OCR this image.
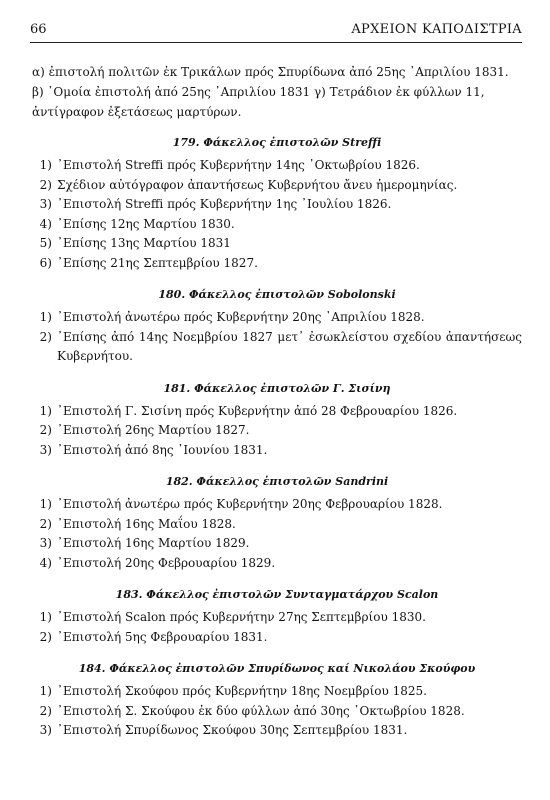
66	ΑΡΧΕΙΟΝ ΚΑΠΟΔΙΣΤΡΙΑ
α) ἐπιστολή πολιτῶν ἐκ Τρικάλων πρός Σπυρίδωνα ἀπό 25ης ᾿Απριλίου 1831.
β) ᾿Ομοία ἐπιστολή ἀπό 25ης ᾿Απριλίου 1831 γ) Τετράδιον ἐκ φύλλων 11,
ἀντίγραφον ἐξετάσεως μαρτύρων.
179. Φάκελλος ἐπιστολῶν Streffi
1) ᾿Επιστολή Streffi πρός Κυβερνήτην 14ης ᾿Οκτωβρίου 1826.
2) Σχέδιον αὐτόγραφον ἀπαντήσεως Κυβερνήτου ἄνευ ἡμερομηνίας.
3) ᾿Επιστολή Streffi πρός Κυβερνήτην 1ης ᾿Ιουλίου 1826.
4) ᾿Επίσης 12ης Μαρτίου 1830.
5) ᾿Επίσης 13ης Μαρτίου 1831
6) ᾿Επίσης 21ης Σεπτεμβρίου 1827.
180. Φάκελλος ἐπιστολῶν Sobolonski
1) ᾿Επιστολή ἀνωτέρω πρός Κυβερνήτην 20ης ᾿Απριλίου 1828.
2) ᾿Επίσης ἀπό 14ης Νοεμβρίου 1827 μετ᾿ ἐσωκλείστου σχεδίου ἀπαντήσεως Κυβερνήτου.
181. Φάκελλος ἐπιστολῶν Γ. Σισίνη
1) ᾿Επιστολή Γ. Σισίνη πρός Κυβερνήτην ἀπό 28 Φεβρουαρίου 1826.
2) ᾿Επιστολή 26ης Μαρτίου 1827.
3) ᾿Επιστολή ἀπό 8ης ᾿Ιουνίου 1831.
182. Φάκελλος ἐπιστολῶν Sandrini
1) ᾿Επιστολή ἀνωτέρω πρός Κυβερνήτην 20ης Φεβρουαρίου 1828.
2) ᾿Επιστολή 16ης Μαΐου 1828.
3) ᾿Επιστολή 16ης Μαρτίου 1829.
4) ᾿Επιστολή 20ης Φεβρουαρίου 1829.
183. Φάκελλος ἐπιστολῶν Συνταγματάρχου Scalon
1) ᾿Επιστολή Scalon πρός Κυβερνήτην 27ης Σεπτεμβρίου 1830.
2) ᾿Επιστολή 5ης Φεβρουαρίου 1831.
184. Φάκελλος ἐπιστολῶν Σπυρίδωνος καί Νικολάου Σκούφου
1) ᾿Επιστολή Σκούφου πρός Κυβερνήτην 18ης Νοεμβρίου 1825.
2) ᾿Επιστολή Σ. Σκούφου ἐκ δύο φύλλων ἀπό 30ης ᾿Οκτωβρίου 1828.
3) ᾿Επιστολή Σπυρίδωνος Σκούφου 30ης Σεπτεμβρίου 1831.
